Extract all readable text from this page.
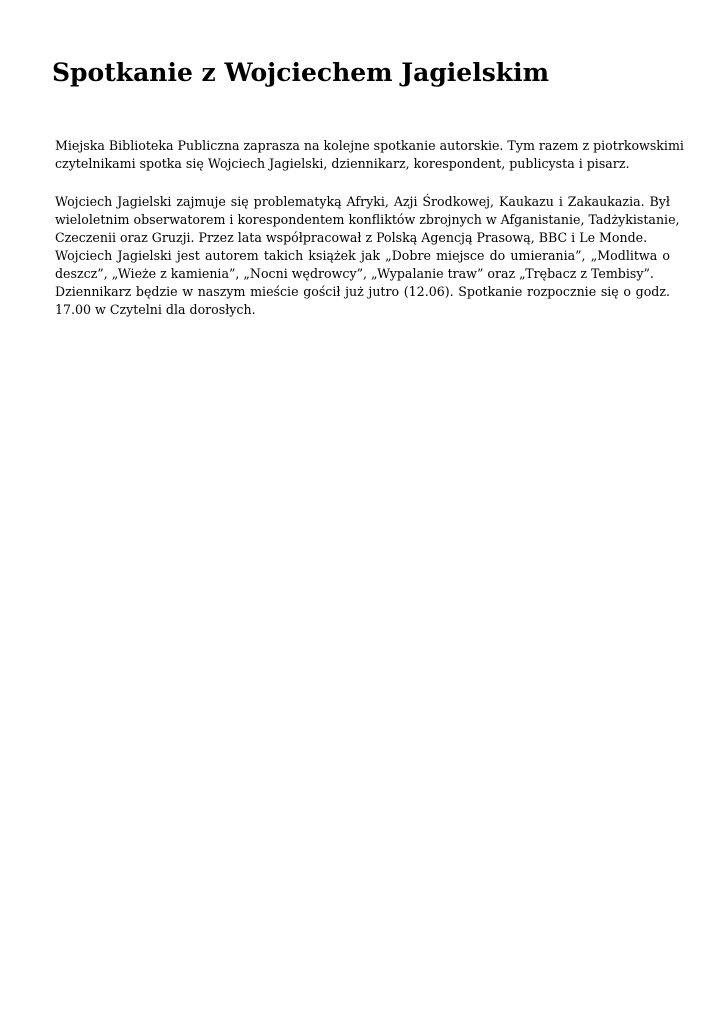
Spotkanie z Wojciechem Jagielskim

Miejska Biblioteka Publiczna zaprasza na kolejne spotkanie autorskie. Tym razem z piotrkowskimi
czytelnikami spotka się Wojciech Jagielski, dziennikarz, korespondent, publicysta i pisarz.

Wojciech Jagielski zajmuje się problematyką Afryki, Azji Środkowej, Kaukazu i Zakaukazia. Był
wieloletnim obserwatorem i korespondentem konfliktów zbrojnych w Afganistanie, Tadżykistanie,
Czeczenii oraz Gruzji. Przez lata współpracował z Polską Agencją Prasową, BBC i Le Monde.
Wojciech Jagielski jest autorem takich książek jak „Dobre miejsce do umierania”, „Modlitwa o
deszcz”, „Wieże z kamienia”, „Nocni wędrowcy”, „Wypalanie traw” oraz „Trębacz z Tembisy”.
Dziennikarz będzie w naszym mieście gościł już jutro (12.06). Spotkanie rozpocznie się o godz.
17.00 w Czytelni dla dorosłych.
